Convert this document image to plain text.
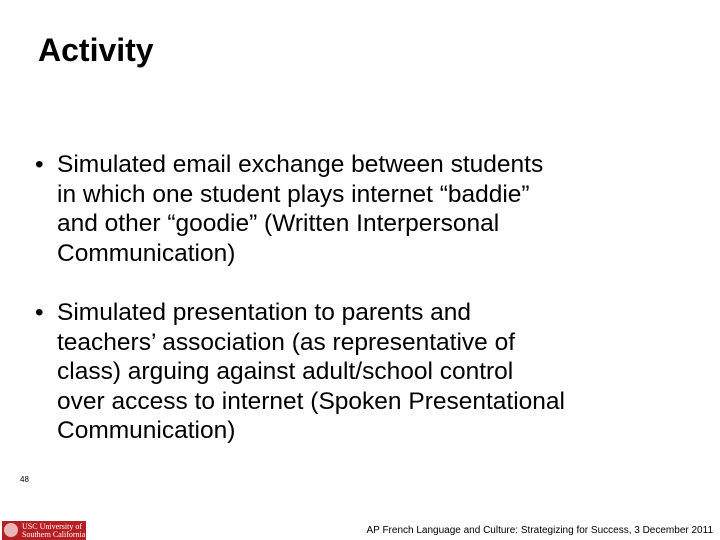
Activity
• Simulated email exchange between students
in which one student plays internet “baddie”
and other “goodie” (Written Interpersonal
Communication)
• Simulated presentation to parents and
teachers’ association (as representative of
class) arguing against adult/school control
over access to internet (Spoken Presentational
Communication)
48
USC University of
Southern California	AP French Language and Culture: Strategizing for Success, 3 December 2011
